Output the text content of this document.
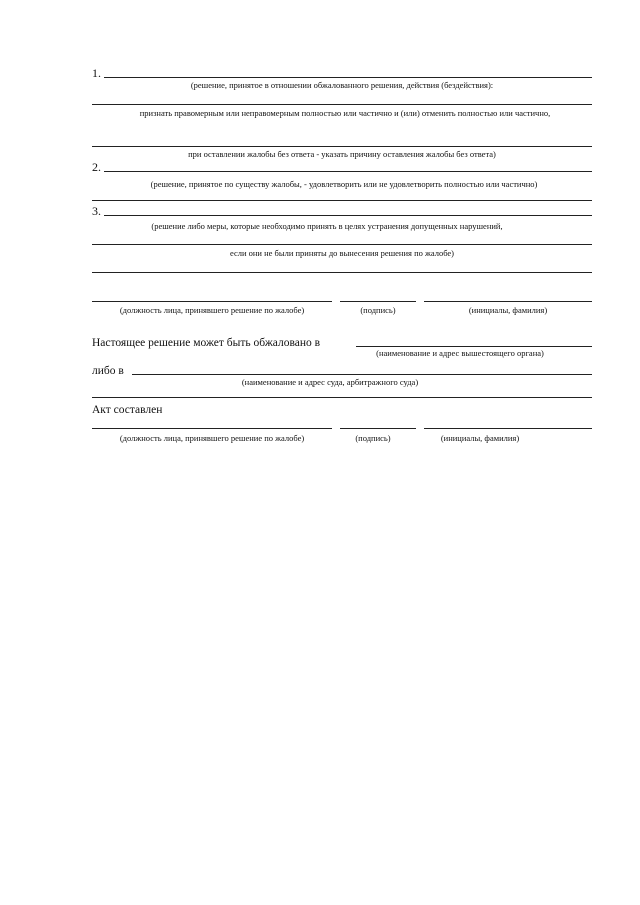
1.
(решение, принятое в отношении обжалованного решения, действия (бездействия):
признать правомерным или неправомерным полностью или частично и (или) отменить полностью или частично,
при оставлении жалобы без ответа - указать причину оставления жалобы без ответа)
2.
(решение, принятое по существу жалобы, - удовлетворить или не удовлетворить полностью или частично)
3.
(решение либо меры, которые необходимо принять в целях устранения допущенных нарушений,
если они не были приняты до вынесения решения по жалобе)
(должность лица, принявшего решение по жалобе)	(подпись)	(инициалы, фамилия)
Настоящее решение может быть обжаловано в
(наименование и адрес вышестоящего органа)
либо в
(наименование и адрес суда, арбитражного суда)
Акт составлен
(должность лица, принявшего решение по жалобе)	(подпись)	(инициалы, фамилия)
